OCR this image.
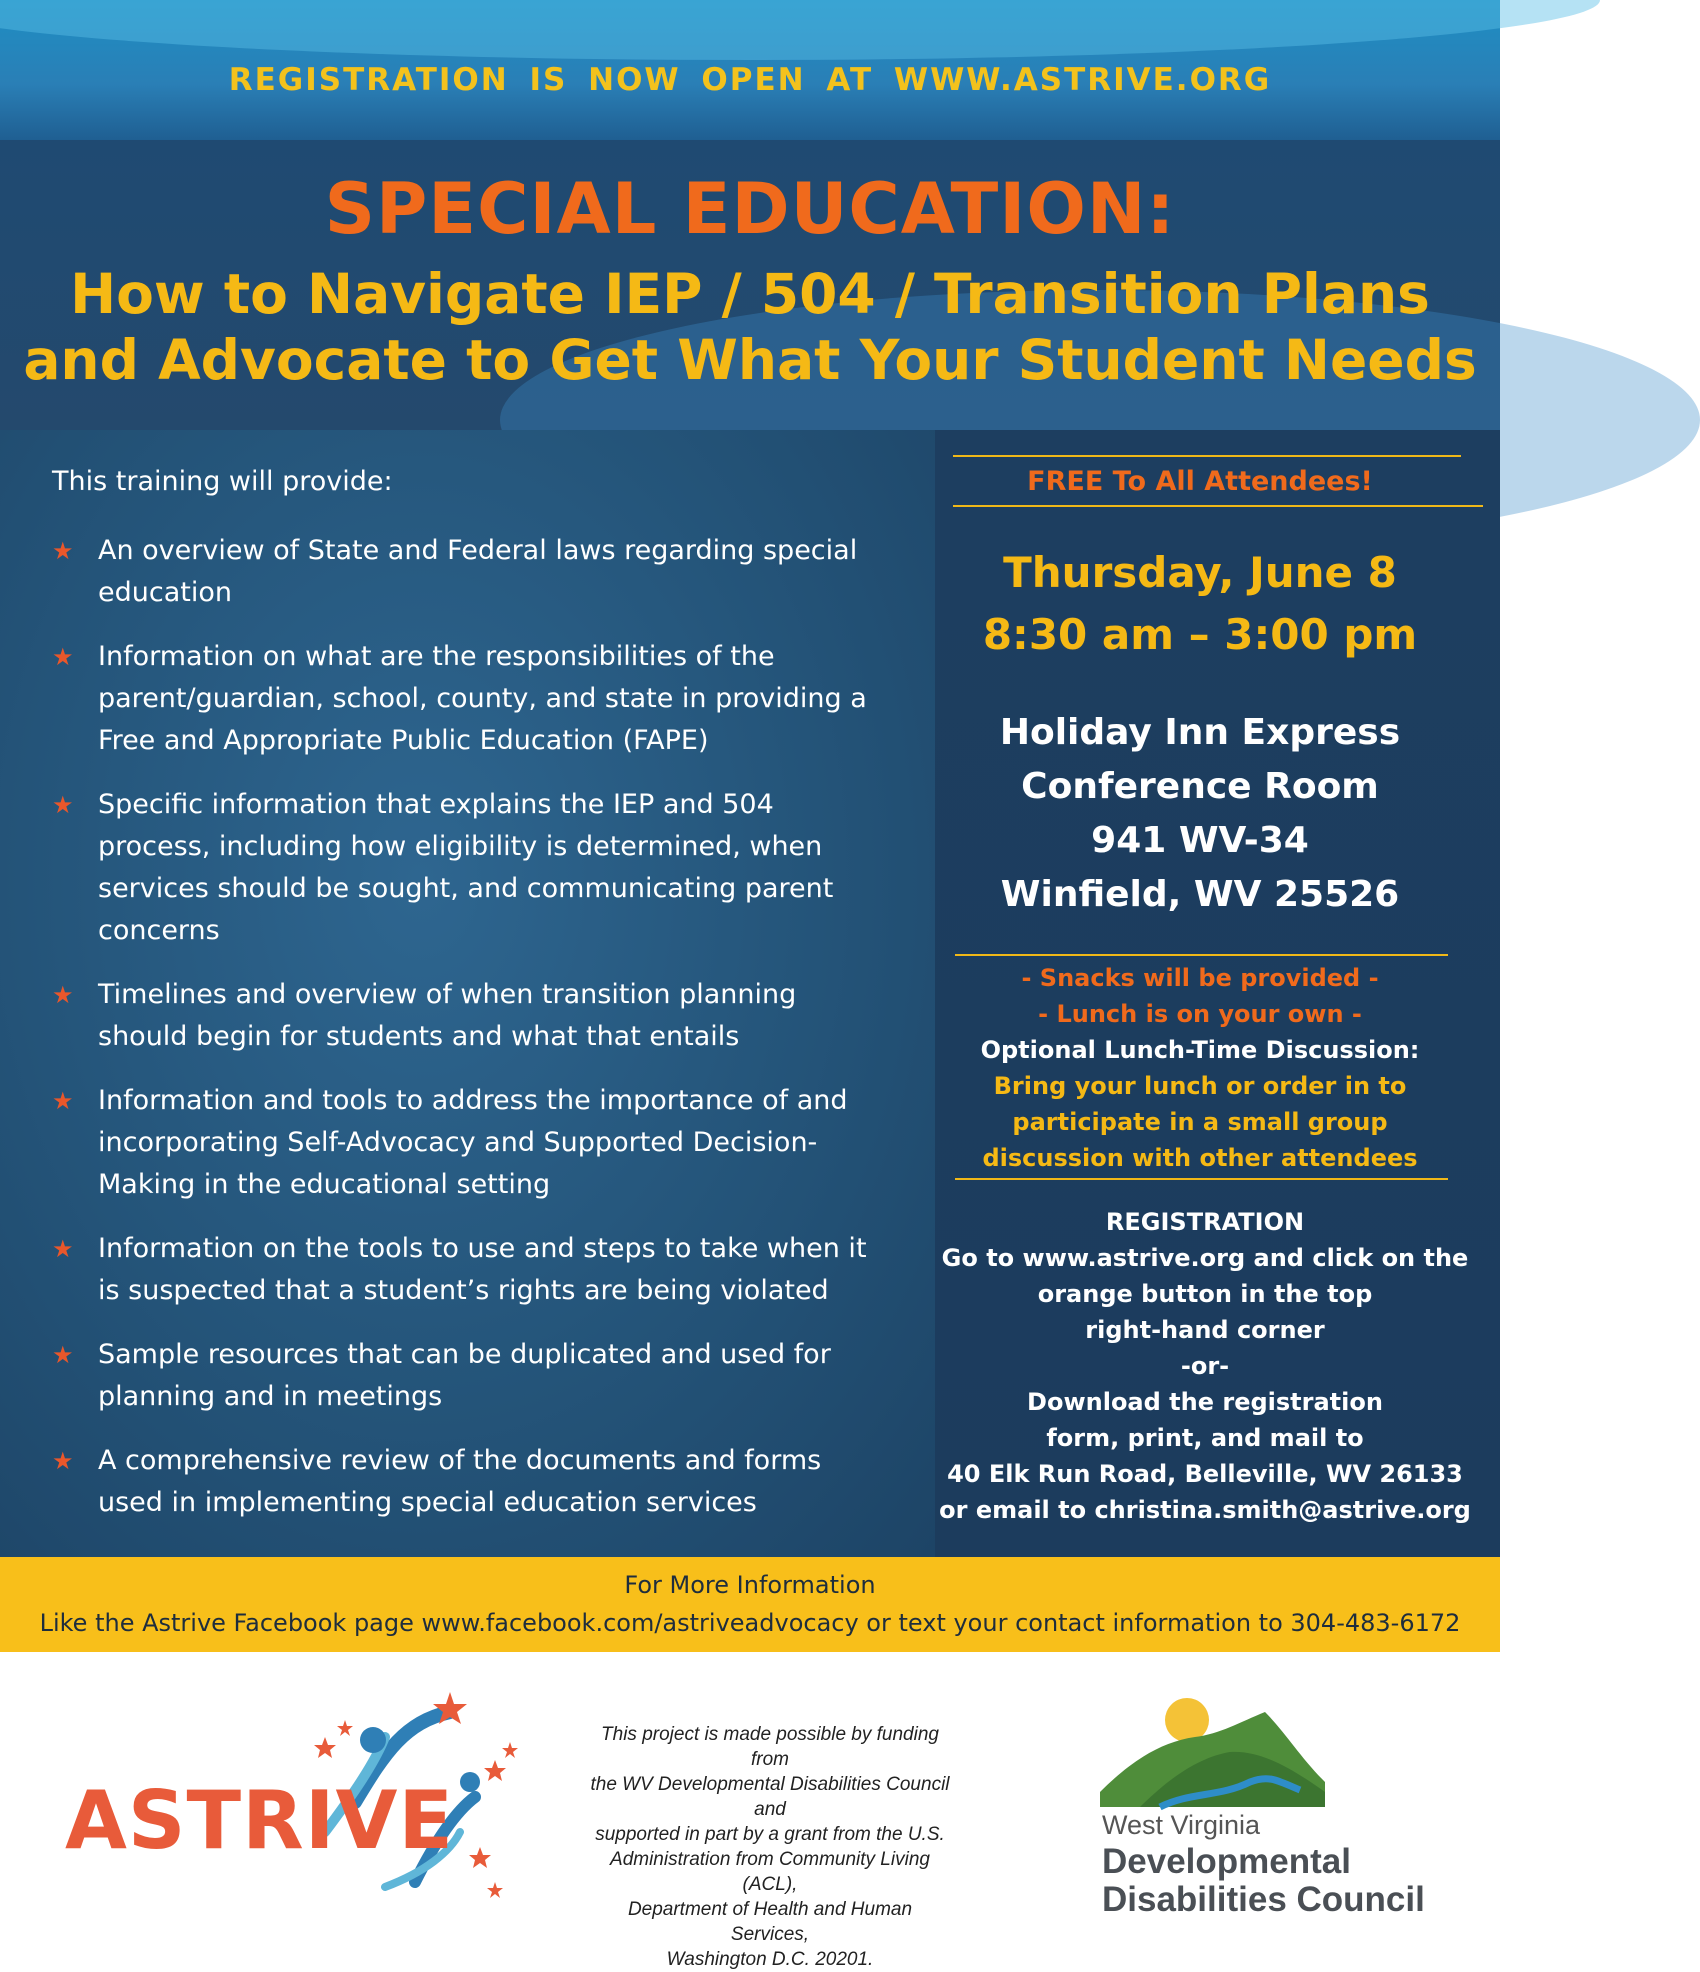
REGISTRATION IS NOW OPEN AT WWW.ASTRIVE.ORG
SPECIAL EDUCATION:
How to Navigate IEP / 504 / Transition Plans
and Advocate to Get What Your Student Needs
This training will provide:
★ An overview of State and Federal laws regarding special education
★ Information on what are the responsibilities of the parent/guardian, school, county, and state in providing a Free and Appropriate Public Education (FAPE)
★ Specific information that explains the IEP and 504 process, including how eligibility is determined, when services should be sought, and communicating parent concerns
★ Timelines and overview of when transition planning should begin for students and what that entails
★ Information and tools to address the importance of and incorporating Self-Advocacy and Supported Decision-Making in the educational setting
★ Information on the tools to use and steps to take when it is suspected that a student’s rights are being violated
★ Sample resources that can be duplicated and used for planning and in meetings
★ A comprehensive review of the documents and forms used in implementing special education services
FREE To All Attendees!
Thursday, June 8
8:30 am – 3:00 pm
Holiday Inn Express
Conference Room
941 WV-34
Winfield, WV 25526
- Snacks will be provided -
- Lunch is on your own -
Optional Lunch-Time Discussion:
Bring your lunch or order in to
participate in a small group
discussion with other attendees
REGISTRATION
Go to www.astrive.org and click on the
orange button in the top
right-hand corner
-or-
Download the registration
form, print, and mail to
40 Elk Run Road, Belleville, WV 26133
or email to christina.smith@astrive.org
For More Information
Like the Astrive Facebook page www.facebook.com/astriveadvocacy or text your contact information to 304-483-6172
ASTRIVE
This project is made possible by funding from
the WV Developmental Disabilities Council and
supported in part by a grant from the U.S.
Administration from Community Living (ACL),
Department of Health and Human Services,
Washington D.C. 20201.
West Virginia
Developmental
Disabilities Council
